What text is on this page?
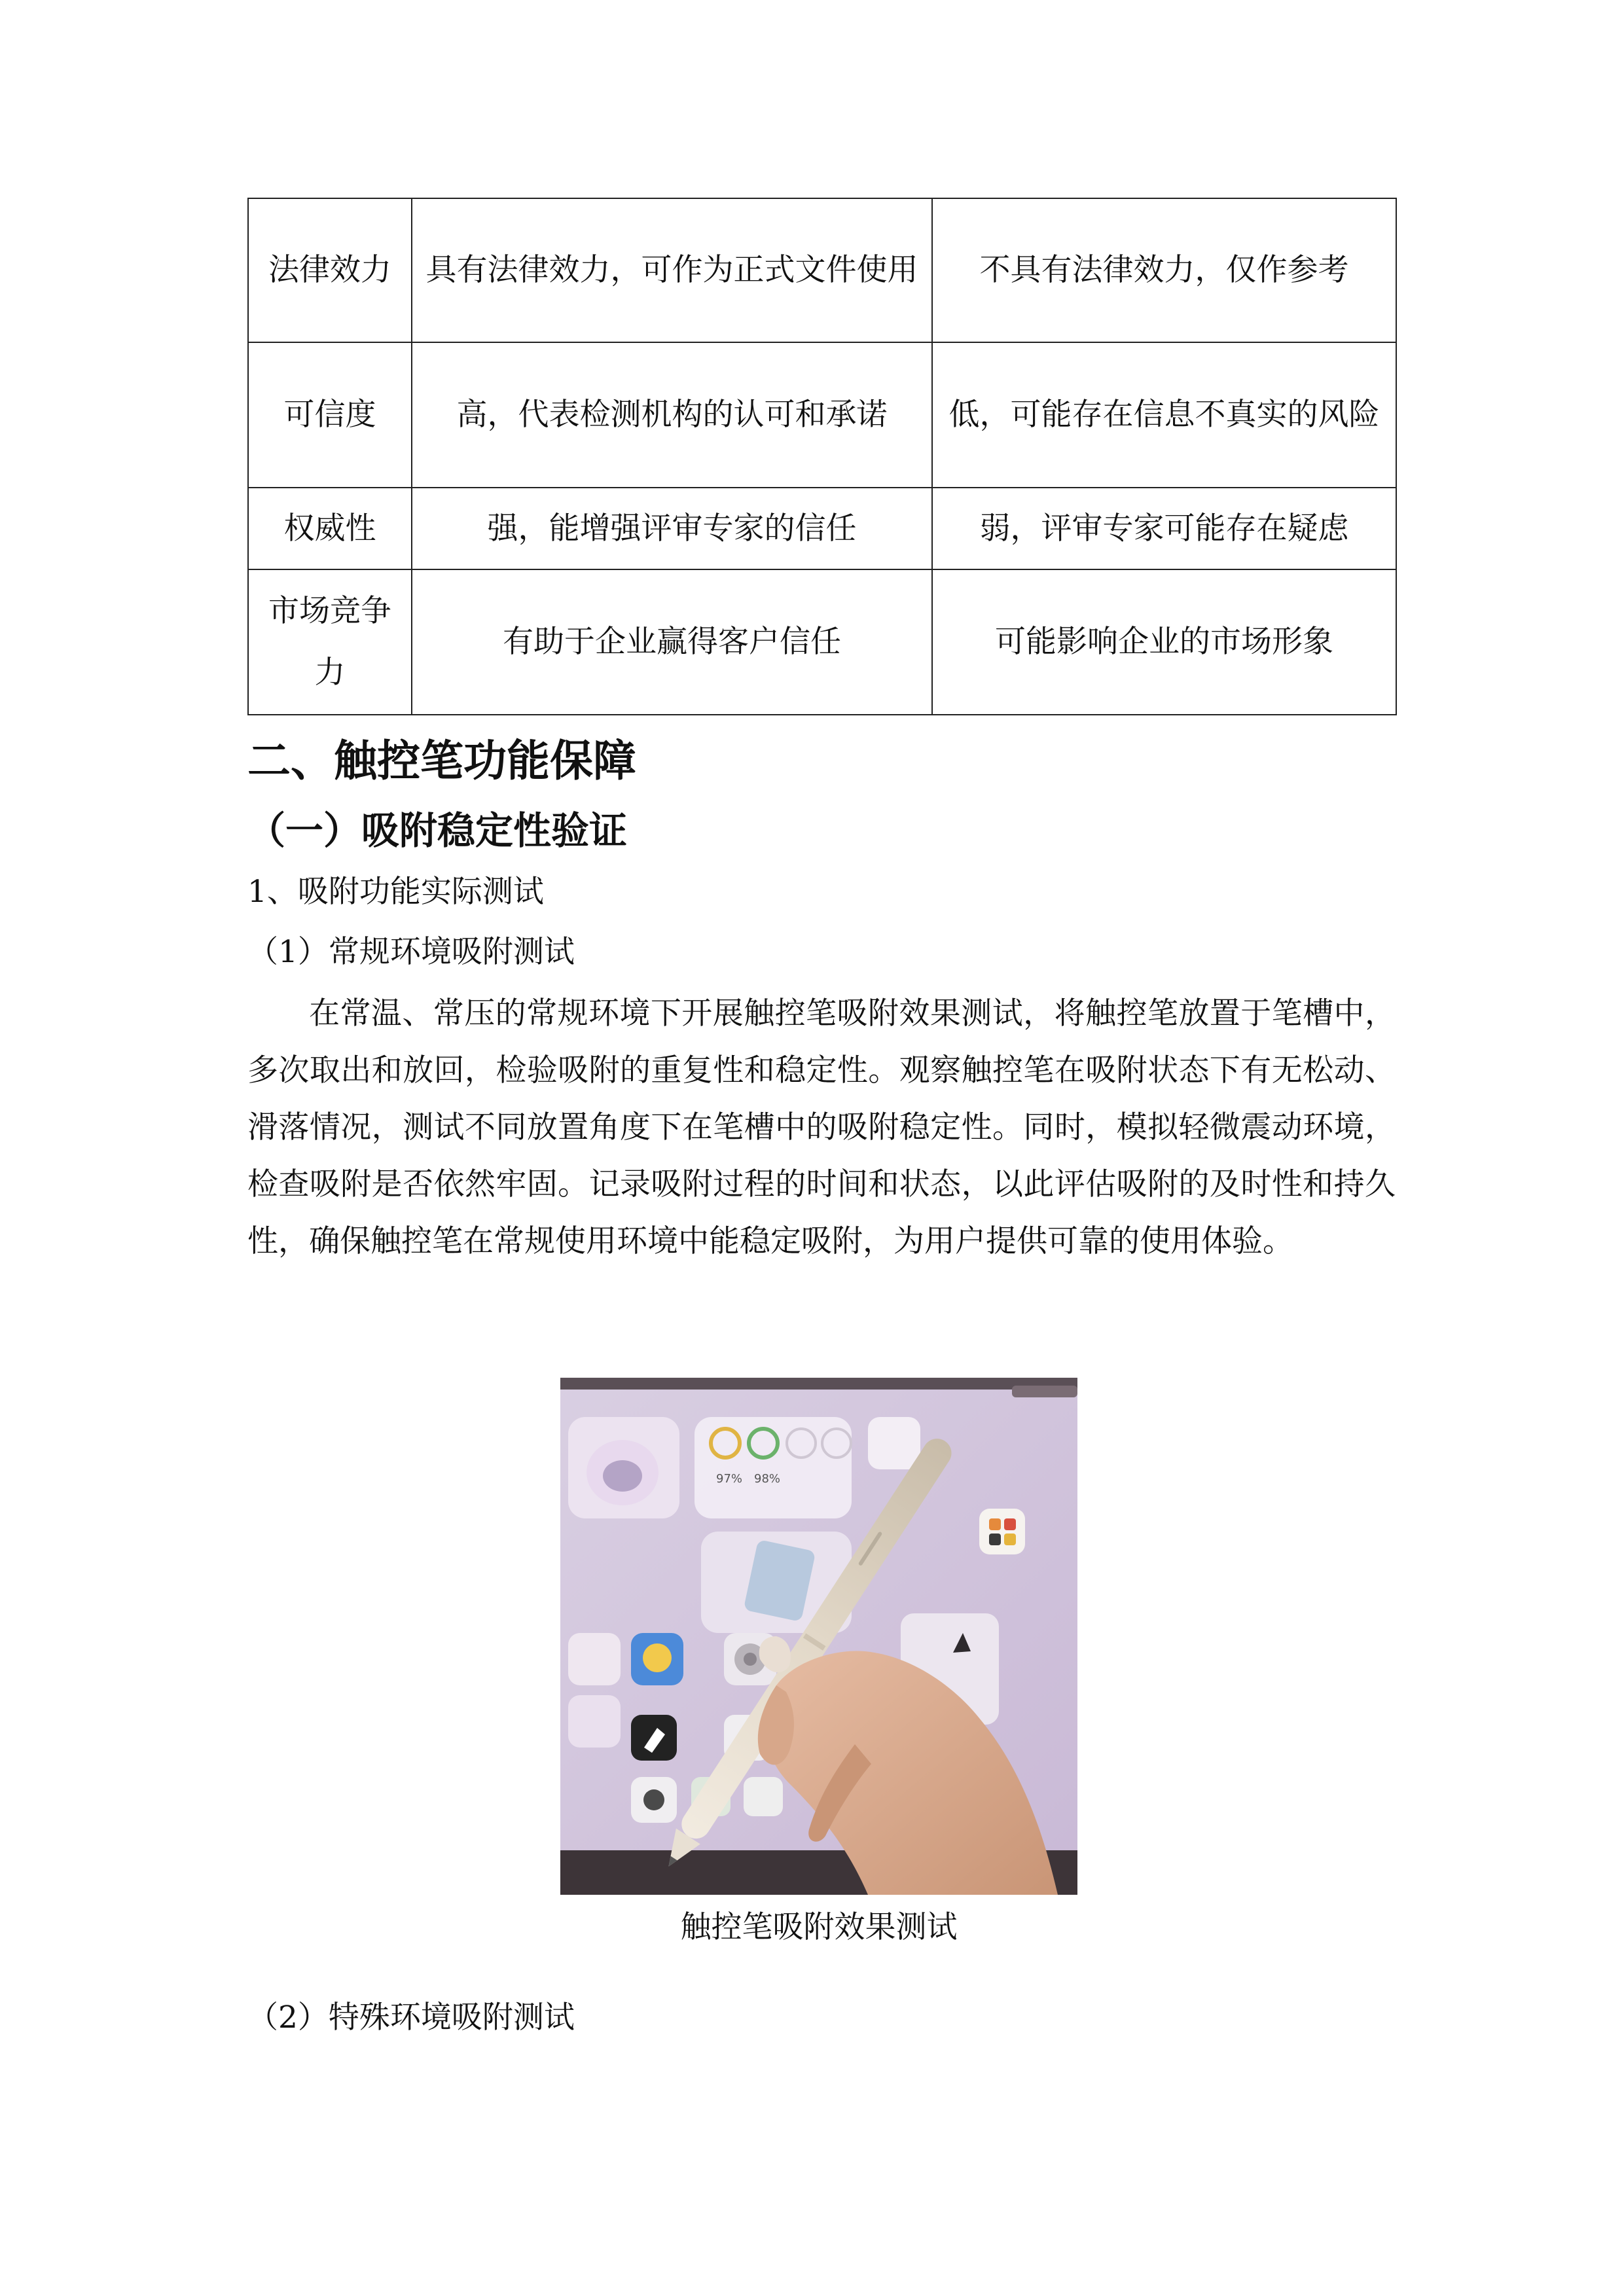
法律效力	具有法律效力，可作为正式文件使用	不具有法律效力，仅作参考
可信度	高，代表检测机构的认可和承诺	低，可能存在信息不真实的风险
权威性	强，能增强评审专家的信任	弱，评审专家可能存在疑虑
市场竞争力	有助于企业赢得客户信任	可能影响企业的市场形象
二、触控笔功能保障
（一）吸附稳定性验证

1、吸附功能实际测试

（1）常规环境吸附测试

在常温、常压的常规环境下开展触控笔吸附效果测试，将触控笔放置于笔槽中，多次取出和放回，检验吸附的重复性和稳定性。观察触控笔在吸附状态下有无松动、滑落情况，测试不同放置角度下在笔槽中的吸附稳定性。同时，模拟轻微震动环境，检查吸附是否依然牢固。记录吸附过程的时间和状态，以此评估吸附的及时性和持久性，确保触控笔在常规使用环境中能稳定吸附，为用户提供可靠的使用体验。

97% 98%

触控笔吸附效果测试

（2）特殊环境吸附测试
